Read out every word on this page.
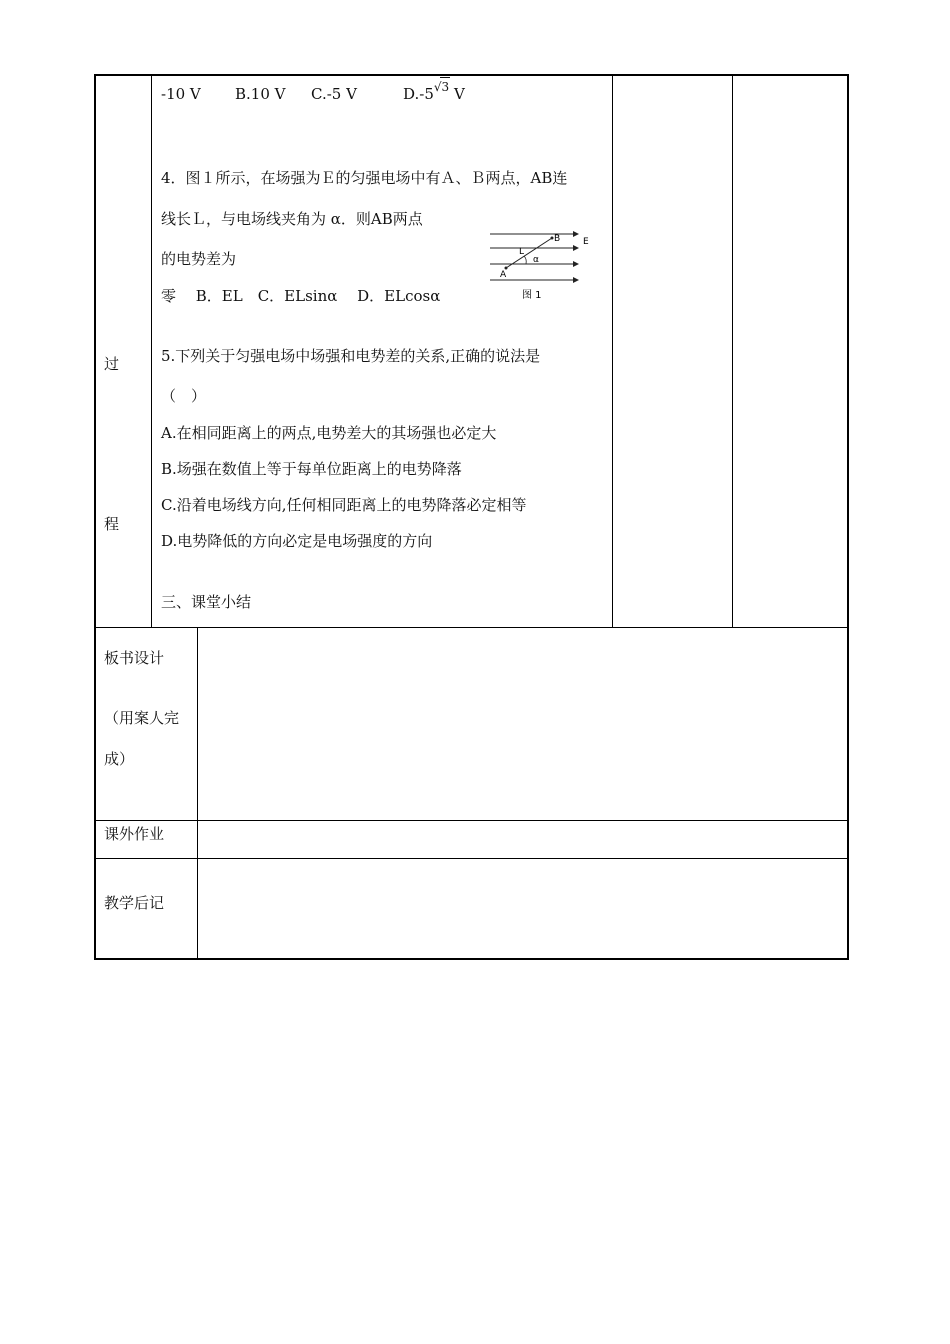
过
程
-10 V B.10 V C.-5 V	D.-5√
3 V
4．图１所示，在场强为Ｅ的匀强电场中有Ａ、Ｂ两点，AB连
线长Ｌ，与电场线夹角为 α．则AB两点
的电势差为
零　 B．EL　C．ELsinα　 D．ELcosα
B	E
L
α
A
图 1
5.下列关于匀强电场中场强和电势差的关系,正确的说法是
（　）
A.在相同距离上的两点,电势差大的其场强也必定大
B.场强在数值上等于每单位距离上的电势降落
C.沿着电场线方向,任何相同距离上的电势降落必定相等
D.电势降低的方向必定是电场强度的方向
三、课堂小结
板书设计
（用案人完
成）
课外作业
教学后记
